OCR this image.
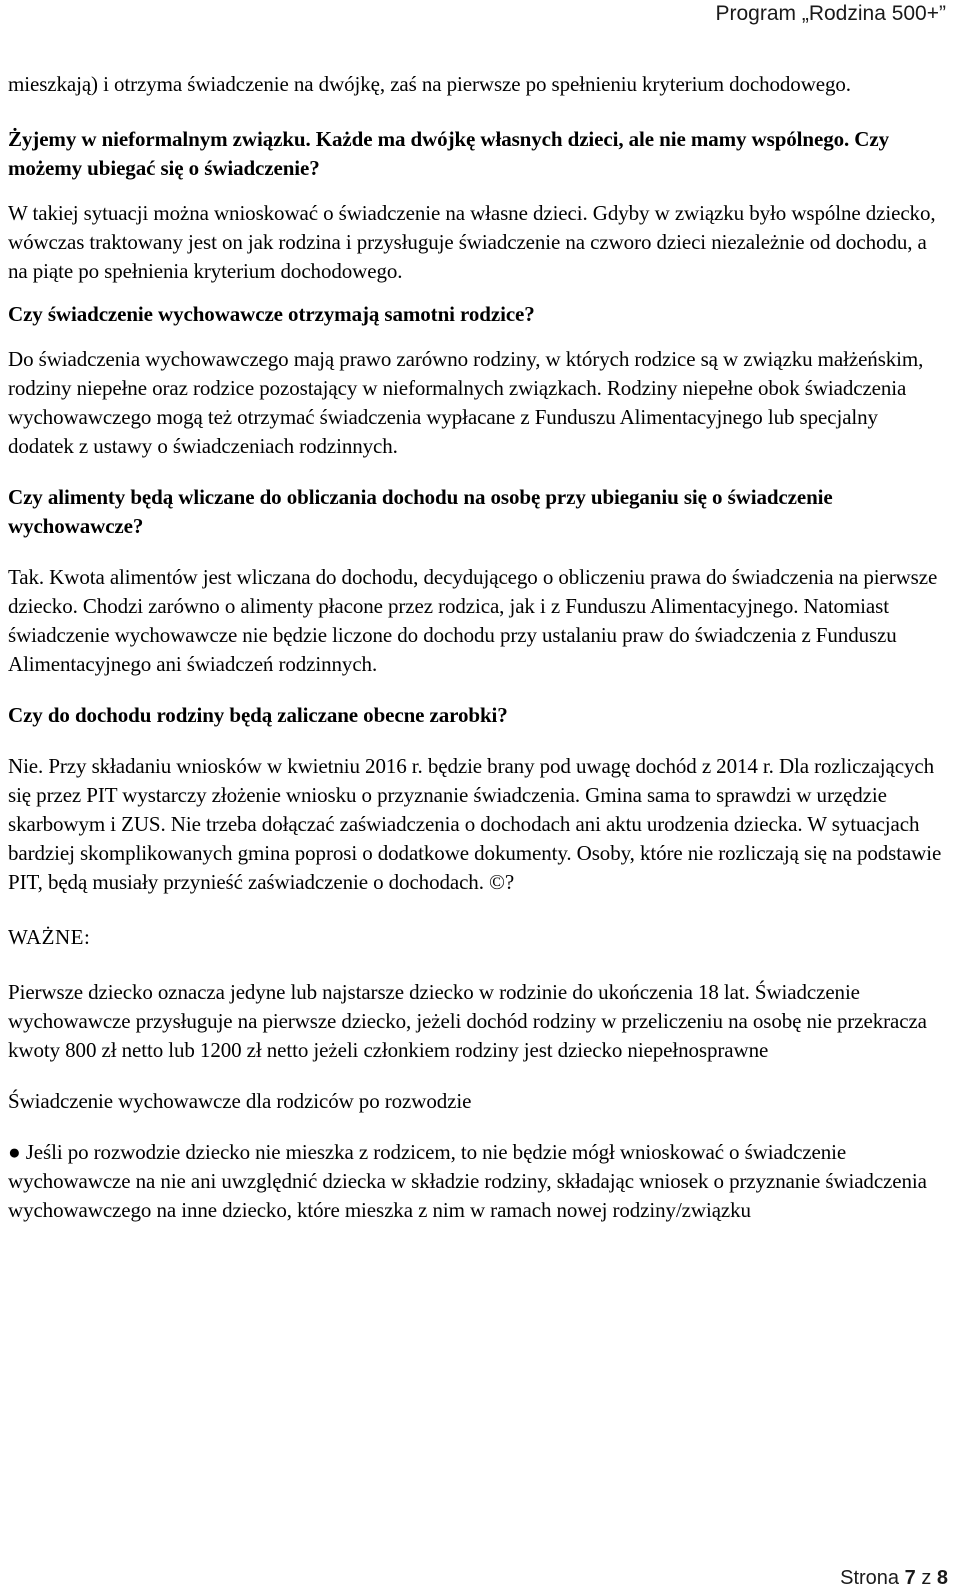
Program „Rodzina 500+”

mieszkają) i otrzyma świadczenie na dwójkę, zaś na pierwsze po spełnieniu kryterium dochodowego.

Żyjemy w nieformalnym związku. Każde ma dwójkę własnych dzieci, ale nie mamy wspólnego. Czy możemy ubiegać się o świadczenie?

W takiej sytuacji można wnioskować o świadczenie na własne dzieci. Gdyby w związku było wspólne dziecko, wówczas traktowany jest on jak rodzina i przysługuje świadczenie na czworo dzieci niezależnie od dochodu, a na piąte po spełnienia kryterium dochodowego.

Czy świadczenie wychowawcze otrzymają samotni rodzice?

Do świadczenia wychowawczego mają prawo zarówno rodziny, w których rodzice są w związku małżeńskim, rodziny niepełne oraz rodzice pozostający w nieformalnych związkach. Rodziny niepełne obok świadczenia wychowawczego mogą też otrzymać świadczenia wypłacane z Funduszu Alimentacyjnego lub specjalny dodatek z ustawy o świadczeniach rodzinnych.

Czy alimenty będą wliczane do obliczania dochodu na osobę przy ubieganiu się o świadczenie wychowawcze?

Tak. Kwota alimentów jest wliczana do dochodu, decydującego o obliczeniu prawa do świadczenia na pierwsze dziecko. Chodzi zarówno o alimenty płacone przez rodzica, jak i z Funduszu Alimentacyjnego. Natomiast świadczenie wychowawcze nie będzie liczone do dochodu przy ustalaniu praw do świadczenia z Funduszu Alimentacyjnego ani świadczeń rodzinnych.

Czy do dochodu rodziny będą zaliczane obecne zarobki?

Nie. Przy składaniu wniosków w kwietniu 2016 r. będzie brany pod uwagę dochód z 2014 r. Dla rozliczających się przez PIT wystarczy złożenie wniosku o przyznanie świadczenia. Gmina sama to sprawdzi w urzędzie skarbowym i ZUS. Nie trzeba dołączać zaświadczenia o dochodach ani aktu urodzenia dziecka. W sytuacjach bardziej skomplikowanych gmina poprosi o dodatkowe dokumenty. Osoby, które nie rozliczają się na podstawie PIT, będą musiały przynieść zaświadczenie o dochodach. ©?

WAŻNE:

Pierwsze dziecko oznacza jedyne lub najstarsze dziecko w rodzinie do ukończenia 18 lat. Świadczenie wychowawcze przysługuje na pierwsze dziecko, jeżeli dochód rodziny w przeliczeniu na osobę nie przekracza kwoty 800 zł netto lub 1200 zł netto jeżeli członkiem rodziny jest dziecko niepełnosprawne

Świadczenie wychowawcze dla rodziców po rozwodzie

● Jeśli po rozwodzie dziecko nie mieszka z rodzicem, to nie będzie mógł wnioskować o świadczenie wychowawcze na nie ani uwzględnić dziecka w składzie rodziny, składając wniosek o przyznanie świadczenia wychowawczego na inne dziecko, które mieszka z nim w ramach nowej rodziny/związku

Strona 7 z 8
